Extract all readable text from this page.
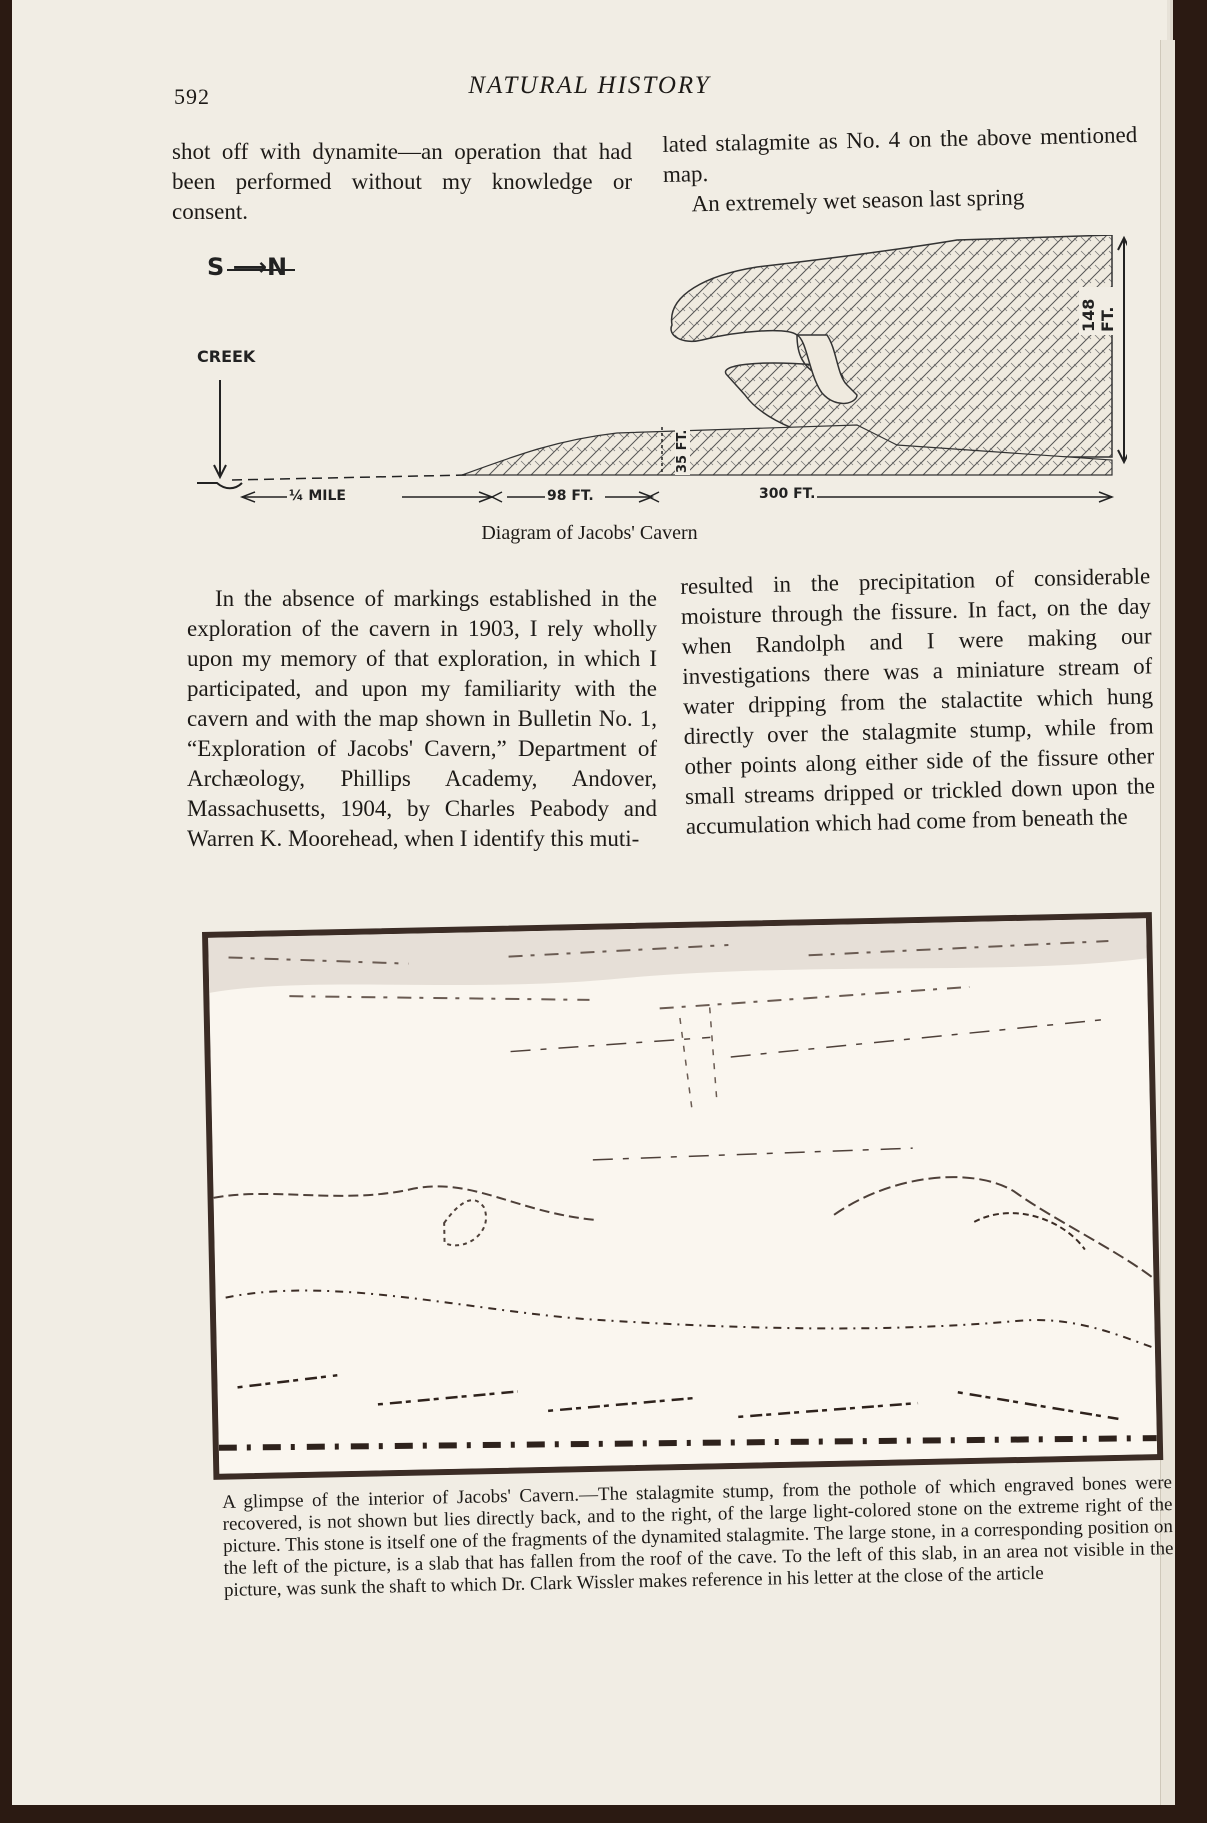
592	NATURAL HISTORY

shot off with dynamite—an operation that had been performed without my knowledge or consent.

lated stalagmite as No. 4 on the above mentioned map.

An extremely wet season last spring

S ⟶N
CREEK
148 FT.
35 FT.
¼ MILE	98 FT.	300 FT.
Diagram of Jacobs' Cavern

In the absence of markings established in the exploration of the cavern in 1903, I rely wholly upon my memory of that exploration, in which I participated, and upon my familiarity with the cavern and with the map shown in Bulletin No. 1, “Exploration of Jacobs' Cavern,” Department of Archæology, Phillips Academy, Andover, Massachusetts, 1904, by Charles Peabody and Warren K. Moorehead, when I identify this muti-

resulted in the precipitation of considerable moisture through the fissure. In fact, on the day when Randolph and I were making our investigations there was a miniature stream of water dripping from the stalactite which hung directly over the stalagmite stump, while from other points along either side of the fissure other small streams dripped or trickled down upon the accumulation which had come from beneath the

A glimpse of the interior of Jacobs' Cavern.—The stalagmite stump, from the pothole of which engraved bones were recovered, is not shown but lies directly back, and to the right, of the large light-colored stone on the extreme right of the picture. This stone is itself one of the fragments of the dynamited stalagmite. The large stone, in a corresponding position on the left of the picture, is a slab that has fallen from the roof of the cave. To the left of this slab, in an area not visible in the picture, was sunk the shaft to which Dr. Clark Wissler makes reference in his letter at the close of the article
